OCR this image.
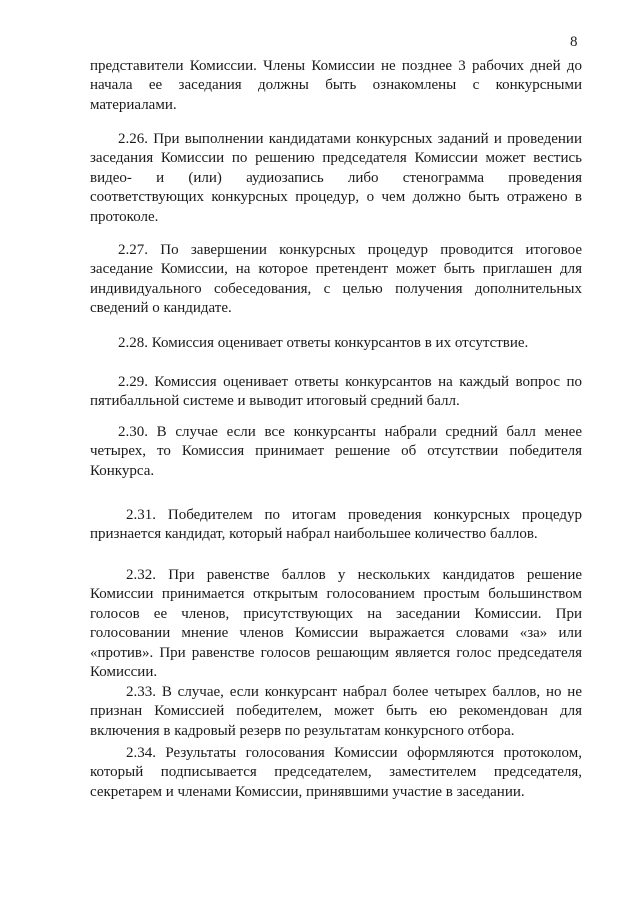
8

представители Комиссии. Члены Комиссии не позднее 3 рабочих дней до
начала ее заседания должны быть ознакомлены с конкурсными
материалами.

2.26. При выполнении кандидатами конкурсных заданий и проведении
заседания Комиссии по решению председателя Комиссии может вестись
видео- и (или) аудиозапись либо стенограмма проведения
соответствующих конкурсных процедур, о чем должно быть отражено в
протоколе.

2.27. По завершении конкурсных процедур проводится итоговое
заседание Комиссии, на которое претендент может быть приглашен для
индивидуального собеседования, с целью получения дополнительных
сведений о кандидате.

2.28. Комиссия оценивает ответы конкурсантов в их отсутствие.

2.29. Комиссия оценивает ответы конкурсантов на каждый вопрос по
пятибалльной системе и выводит итоговый средний балл.

2.30. В случае если все конкурсанты набрали средний балл менее
четырех, то Комиссия принимает решение об отсутствии победителя
Конкурса.

2.31. Победителем по итогам проведения конкурсных процедур
признается кандидат, который набрал наибольшее количество баллов.

2.32. При равенстве баллов у нескольких кандидатов решение
Комиссии принимается открытым голосованием простым большинством
голосов ее членов, присутствующих на заседании Комиссии. При
голосовании мнение членов Комиссии выражается словами «за» или
«против». При равенстве голосов решающим является голос председателя
Комиссии.

2.33. В случае, если конкурсант набрал более четырех баллов, но не
признан Комиссией победителем, может быть ею рекомендован для
включения в кадровый резерв по результатам конкурсного отбора.

2.34. Результаты голосования Комиссии оформляются протоколом,
который подписывается председателем, заместителем председателя,
секретарем и членами Комиссии, принявшими участие в заседании.
